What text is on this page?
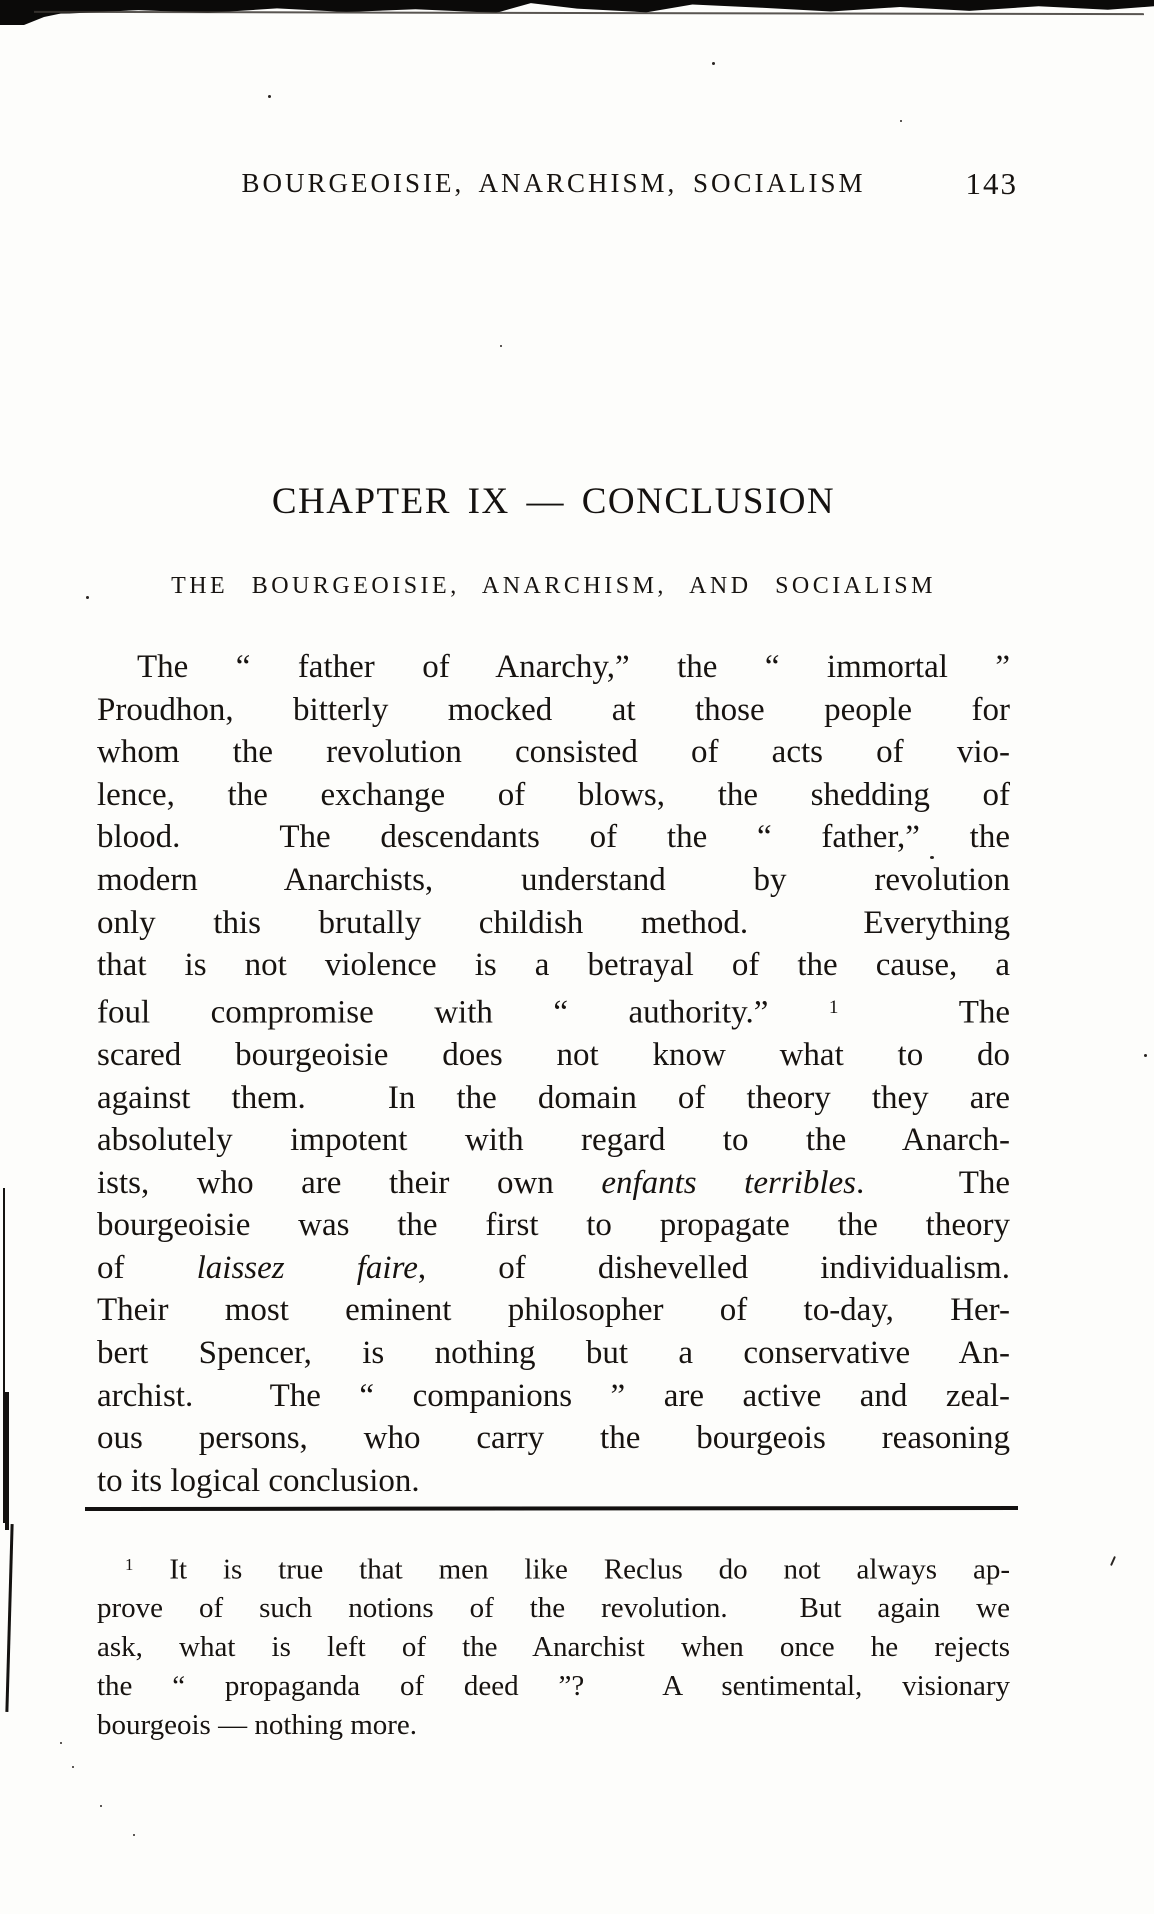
BOURGEOISIE, ANARCHISM, SOCIALISM	143
CHAPTER IX — CONCLUSION
THE BOURGEOISIE, ANARCHISM, AND SOCIALISM
The “ father of Anarchy,” the “ immortal ”
Proudhon, bitterly mocked at those people for
whom the revolution consisted of acts of vio-
lence, the exchange of blows, the shedding of
blood.  The descendants of the “ father,” the
modern Anarchists, understand by revolution
only this brutally childish method.  Everything
that is not violence is a betrayal of the cause, a
foul compromise with “ authority.” $^1$  The
scared bourgeoisie does not know what to do
against them.  In the domain of theory they are
absolutely impotent with regard to the Anarch-
ists, who are their own enfants terribles.  The
bourgeoisie was the first to propagate the theory
of laissez faire, of dishevelled individualism.
Their most eminent philosopher of to-day, Her-
bert Spencer, is nothing but a conservative An-
archist.  The “ companions ” are active and zeal-
ous persons, who carry the bourgeois reasoning
to its logical conclusion.
$^1$ It is true that men like Reclus do not always ap-
prove of such notions of the revolution.  But again we
ask, what is left of the Anarchist when once he rejects
the “ propaganda of deed ”?  A sentimental, visionary
bourgeois — nothing more.
